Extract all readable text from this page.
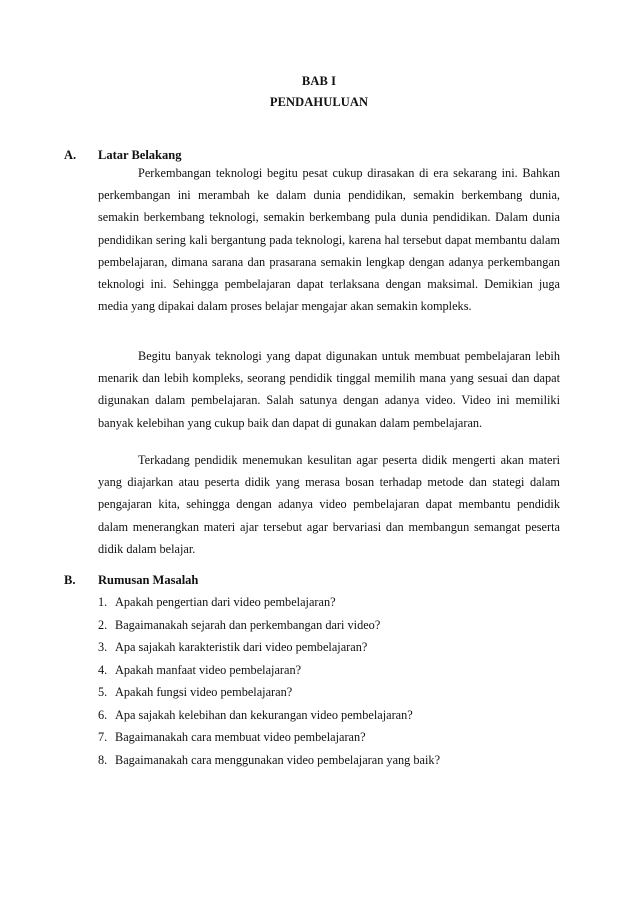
BAB I
PENDAHULUAN
A. Latar Belakang

Perkembangan teknologi begitu pesat cukup dirasakan di era sekarang ini. Bahkan perkembangan ini merambah ke dalam dunia pendidikan, semakin berkembang dunia, semakin berkembang teknologi, semakin berkembang pula dunia pendidikan. Dalam dunia pendidikan sering kali bergantung pada teknologi, karena hal tersebut dapat membantu dalam pembelajaran, dimana sarana dan prasarana semakin lengkap dengan adanya perkembangan teknologi ini. Sehingga pembelajaran dapat terlaksana dengan maksimal. Demikian juga media yang dipakai dalam proses belajar mengajar akan semakin kompleks.

Begitu banyak teknologi yang dapat digunakan untuk membuat pembelajaran lebih menarik dan lebih kompleks, seorang pendidik tinggal memilih mana yang sesuai dan dapat digunakan dalam pembelajaran. Salah satunya dengan adanya video. Video ini memiliki banyak kelebihan yang cukup baik dan dapat di gunakan dalam pembelajaran.

Terkadang pendidik menemukan kesulitan agar peserta didik mengerti akan materi yang diajarkan atau peserta didik yang merasa bosan terhadap metode dan stategi dalam pengajaran kita, sehingga dengan adanya video pembelajaran dapat membantu pendidik dalam menerangkan materi ajar tersebut agar bervariasi dan membangun semangat peserta didik dalam belajar.

B. Rumusan Masalah
1. Apakah pengertian dari video pembelajaran?
2. Bagaimanakah sejarah dan perkembangan dari video?
3. Apa sajakah karakteristik dari video pembelajaran?
4. Apakah manfaat video pembelajaran?
5. Apakah fungsi video pembelajaran?
6. Apa sajakah kelebihan dan kekurangan video pembelajaran?
7. Bagaimanakah cara membuat video pembelajaran?
8. Bagaimanakah cara menggunakan video pembelajaran yang baik?
